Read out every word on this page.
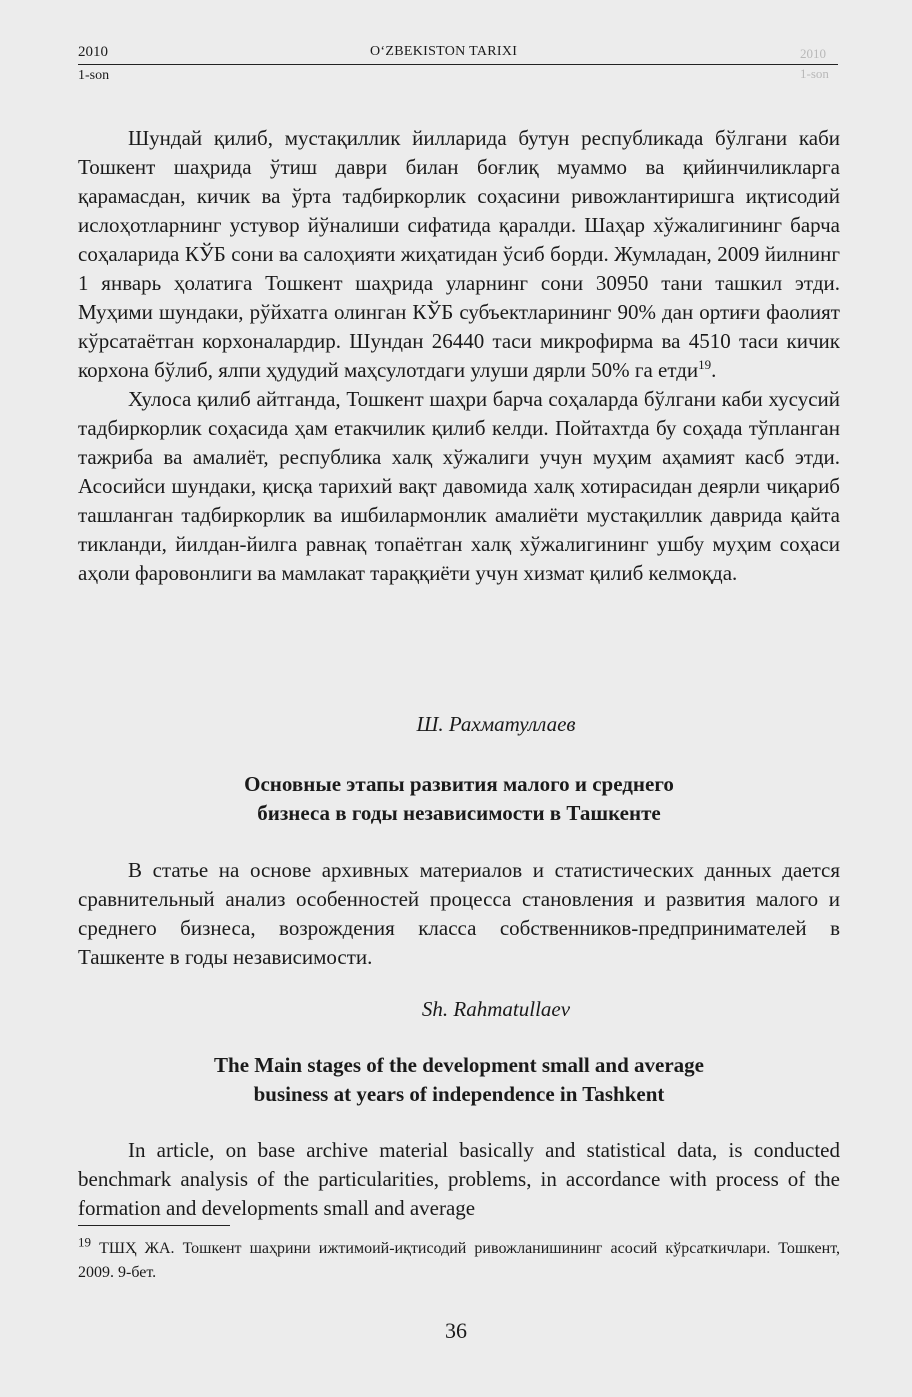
2010	O‘ZBEKISTON TARIXI
1-son
2010
1-son

Шундай қилиб, мустақиллик йилларида бутун республикада бўлгани каби Тошкент шаҳрида ўтиш даври билан боғлиқ муаммо ва қийинчиликларга қарамасдан, кичик ва ўрта тадбиркорлик соҳасини ривожлантиришга иқтисодий ислоҳотларнинг устувор йўналиши сифатида қаралди. Шаҳар хўжалигининг барча соҳаларида КЎБ сони ва салоҳияти жиҳатидан ўсиб борди. Жумладан, 2009 йилнинг 1 январь ҳолатига Тошкент шаҳрида уларнинг сони 30950 тани ташкил этди. Муҳими шундаки, рўйхатга олинган КЎБ субъектларининг 90% дан ортиғи фаолият кўрсатаётган корхоналардир. Шундан 26440 таси микрофирма ва 4510 таси кичик корхона бўлиб, ялпи ҳудудий маҳсулотдаги улуши дярли 50% га етди$^{19}$.

Хулоса қилиб айтганда, Тошкент шаҳри барча соҳаларда бўлгани каби хусусий тадбиркорлик соҳасида ҳам етакчилик қилиб келди. Пойтахтда бу соҳада тўпланган тажриба ва амалиёт, республика халқ хўжалиги учун муҳим аҳамият касб этди. Асосийси шундаки, қисқа тарихий вақт давомида халқ хотирасидан деярли чиқариб ташланган тадбиркорлик ва ишбилармонлик амалиёти мустақиллик даврида қайта тикланди, йилдан-йилга равнақ топаётган халқ хўжалигининг ушбу муҳим соҳаси аҳоли фаровонлиги ва мамлакат тараққиёти учун хизмат қилиб келмоқда.

Ш. Рахматуллаев
Основные этапы развития малого и среднего
бизнеса в годы независимости в Ташкенте

В статье на основе архивных материалов и статистических данных дается сравнительный анализ особенностей процесса становления и развития малого и среднего бизнеса, возрождения класса собственников-предпринимателей в Ташкенте в годы независимости.

Sh. Rahmatullaev
The Main stages of the development small and average
business at years of independence in Tashkent

In article, on base archive material basically and statistical data, is conducted benchmark analysis of the particularities, problems, in accordance with process of the formation and developments small and average

$^{19}$ ТШҲ ЖА. Тошкент шаҳрини ижтимоий-иқтисодий ривожланишининг асосий кўрсаткичлари. Тошкент, 2009. 9-бет.
36
